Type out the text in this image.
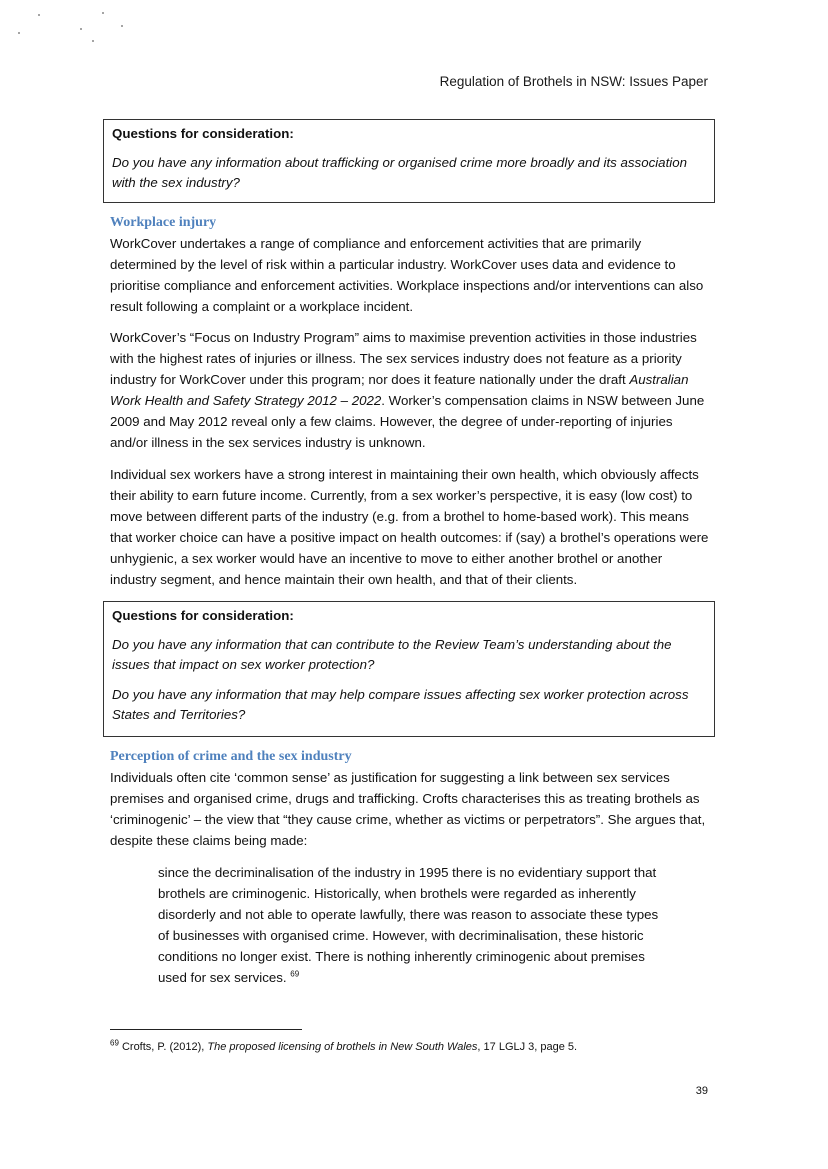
Regulation of Brothels in NSW: Issues Paper
Questions for consideration:

Do you have any information about trafficking or organised crime more broadly and its association with the sex industry?

Workplace injury

WorkCover undertakes a range of compliance and enforcement activities that are primarily determined by the level of risk within a particular industry. WorkCover uses data and evidence to prioritise compliance and enforcement activities. Workplace inspections and/or interventions can also result following a complaint or a workplace incident.

WorkCover’s “Focus on Industry Program” aims to maximise prevention activities in those industries with the highest rates of injuries or illness. The sex services industry does not feature as a priority industry for WorkCover under this program; nor does it feature nationally under the draft Australian Work Health and Safety Strategy 2012 – 2022. Worker’s compensation claims in NSW between June 2009 and May 2012 reveal only a few claims. However, the degree of under-reporting of injuries and/or illness in the sex services industry is unknown.

Individual sex workers have a strong interest in maintaining their own health, which obviously affects their ability to earn future income. Currently, from a sex worker’s perspective, it is easy (low cost) to move between different parts of the industry (e.g. from a brothel to home-based work). This means that worker choice can have a positive impact on health outcomes: if (say) a brothel’s operations were unhygienic, a sex worker would have an incentive to move to either another brothel or another industry segment, and hence maintain their own health, and that of their clients.

Questions for consideration:

Do you have any information that can contribute to the Review Team’s understanding about the issues that impact on sex worker protection?

Do you have any information that may help compare issues affecting sex worker protection across States and Territories?

Perception of crime and the sex industry

Individuals often cite ‘common sense’ as justification for suggesting a link between sex services premises and organised crime, drugs and trafficking. Crofts characterises this as treating brothels as ‘criminogenic’ – the view that “they cause crime, whether as victims or perpetrators”. She argues that, despite these claims being made:

since the decriminalisation of the industry in 1995 there is no evidentiary support that brothels are criminogenic. Historically, when brothels were regarded as inherently disorderly and not able to operate lawfully, there was reason to associate these types of businesses with organised crime. However, with decriminalisation, these historic conditions no longer exist. There is nothing inherently criminogenic about premises used for sex services. $^{69}$

$^{69}$ Crofts, P. (2012), The proposed licensing of brothels in New South Wales, 17 LGLJ 3, page 5.
39
